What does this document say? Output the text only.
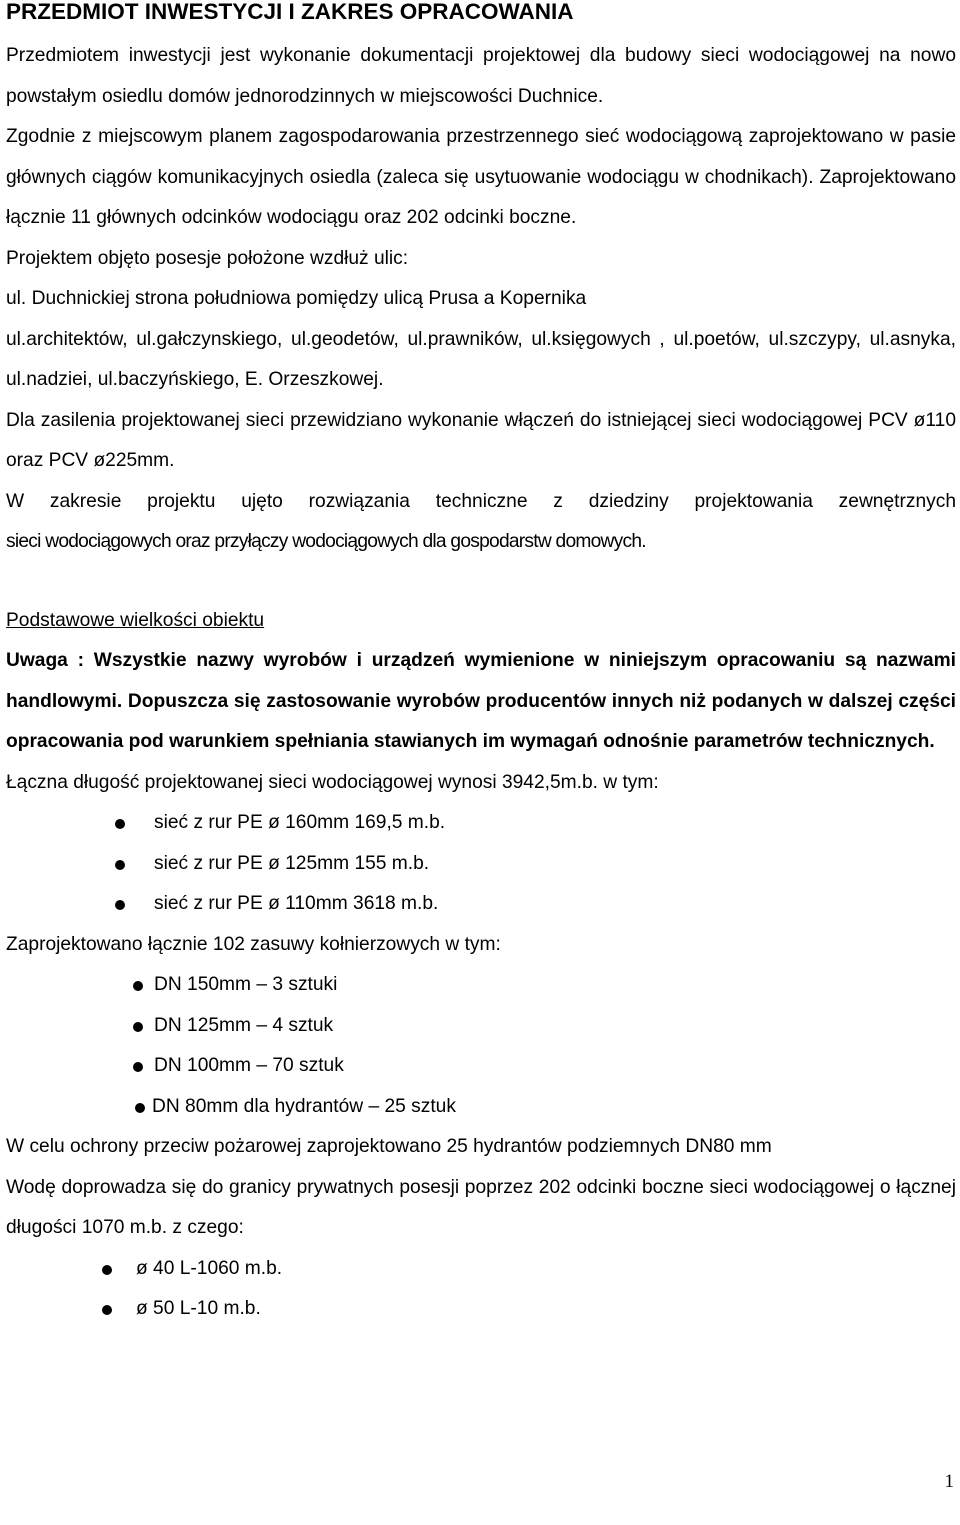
PRZEDMIOT INWESTYCJI I ZAKRES OPRACOWANIA

Przedmiotem inwestycji jest wykonanie dokumentacji projektowej dla budowy sieci wodociągowej na nowo powstałym osiedlu domów jednorodzinnych w miejscowości Duchnice.

Zgodnie z miejscowym planem zagospodarowania przestrzennego sieć wodociągową zaprojektowano w pasie głównych ciągów komunikacyjnych osiedla (zaleca się usytuowanie wodociągu w chodnikach). Zaprojektowano łącznie 11 głównych odcinków wodociągu oraz 202 odcinki boczne.

Projektem objęto posesje położone wzdłuż ulic:

ul. Duchnickiej strona południowa pomiędzy ulicą Prusa a Kopernika

ul.architektów, ul.gałczynskiego, ul.geodetów, ul.prawników, ul.księgowych , ul.poetów, ul.szczypy, ul.asnyka, ul.nadziei, ul.baczyńskiego, E. Orzeszkowej.

Dla zasilenia projektowanej sieci przewidziano wykonanie włączeń do istniejącej sieci wodociągowej PCV ø110 oraz PCV ø225mm.

W zakresie projektu ujęto rozwiązania techniczne z dziedziny projektowania zewnętrznych

sieci wodociągowych oraz przyłączy wodociągowych dla gospodarstw domowych.

Podstawowe wielkości obiektu

Uwaga : Wszystkie nazwy wyrobów i urządzeń wymienione w niniejszym opracowaniu są nazwami handlowymi. Dopuszcza się zastosowanie wyrobów producentów innych niż podanych w dalszej części opracowania pod warunkiem spełniania stawianych im wymagań odnośnie parametrów technicznych.

Łączna długość projektowanej sieci wodociągowej wynosi 3942,5m.b. w tym:

sieć z rur PE ø 160mm 169,5 m.b.
sieć z rur PE ø 125mm 155 m.b.
sieć z rur PE ø 110mm 3618 m.b.

Zaprojektowano łącznie 102 zasuwy kołnierzowych w tym:

DN 150mm – 3 sztuki
DN 125mm – 4 sztuk
DN 100mm – 70 sztuk
DN 80mm dla hydrantów – 25 sztuk

W celu ochrony przeciw pożarowej zaprojektowano 25 hydrantów podziemnych DN80 mm

Wodę doprowadza się do granicy prywatnych posesji poprzez 202 odcinki boczne sieci wodociągowej o łącznej długości 1070 m.b. z czego:

ø 40 L-1060 m.b.
ø 50 L-10 m.b.
1
